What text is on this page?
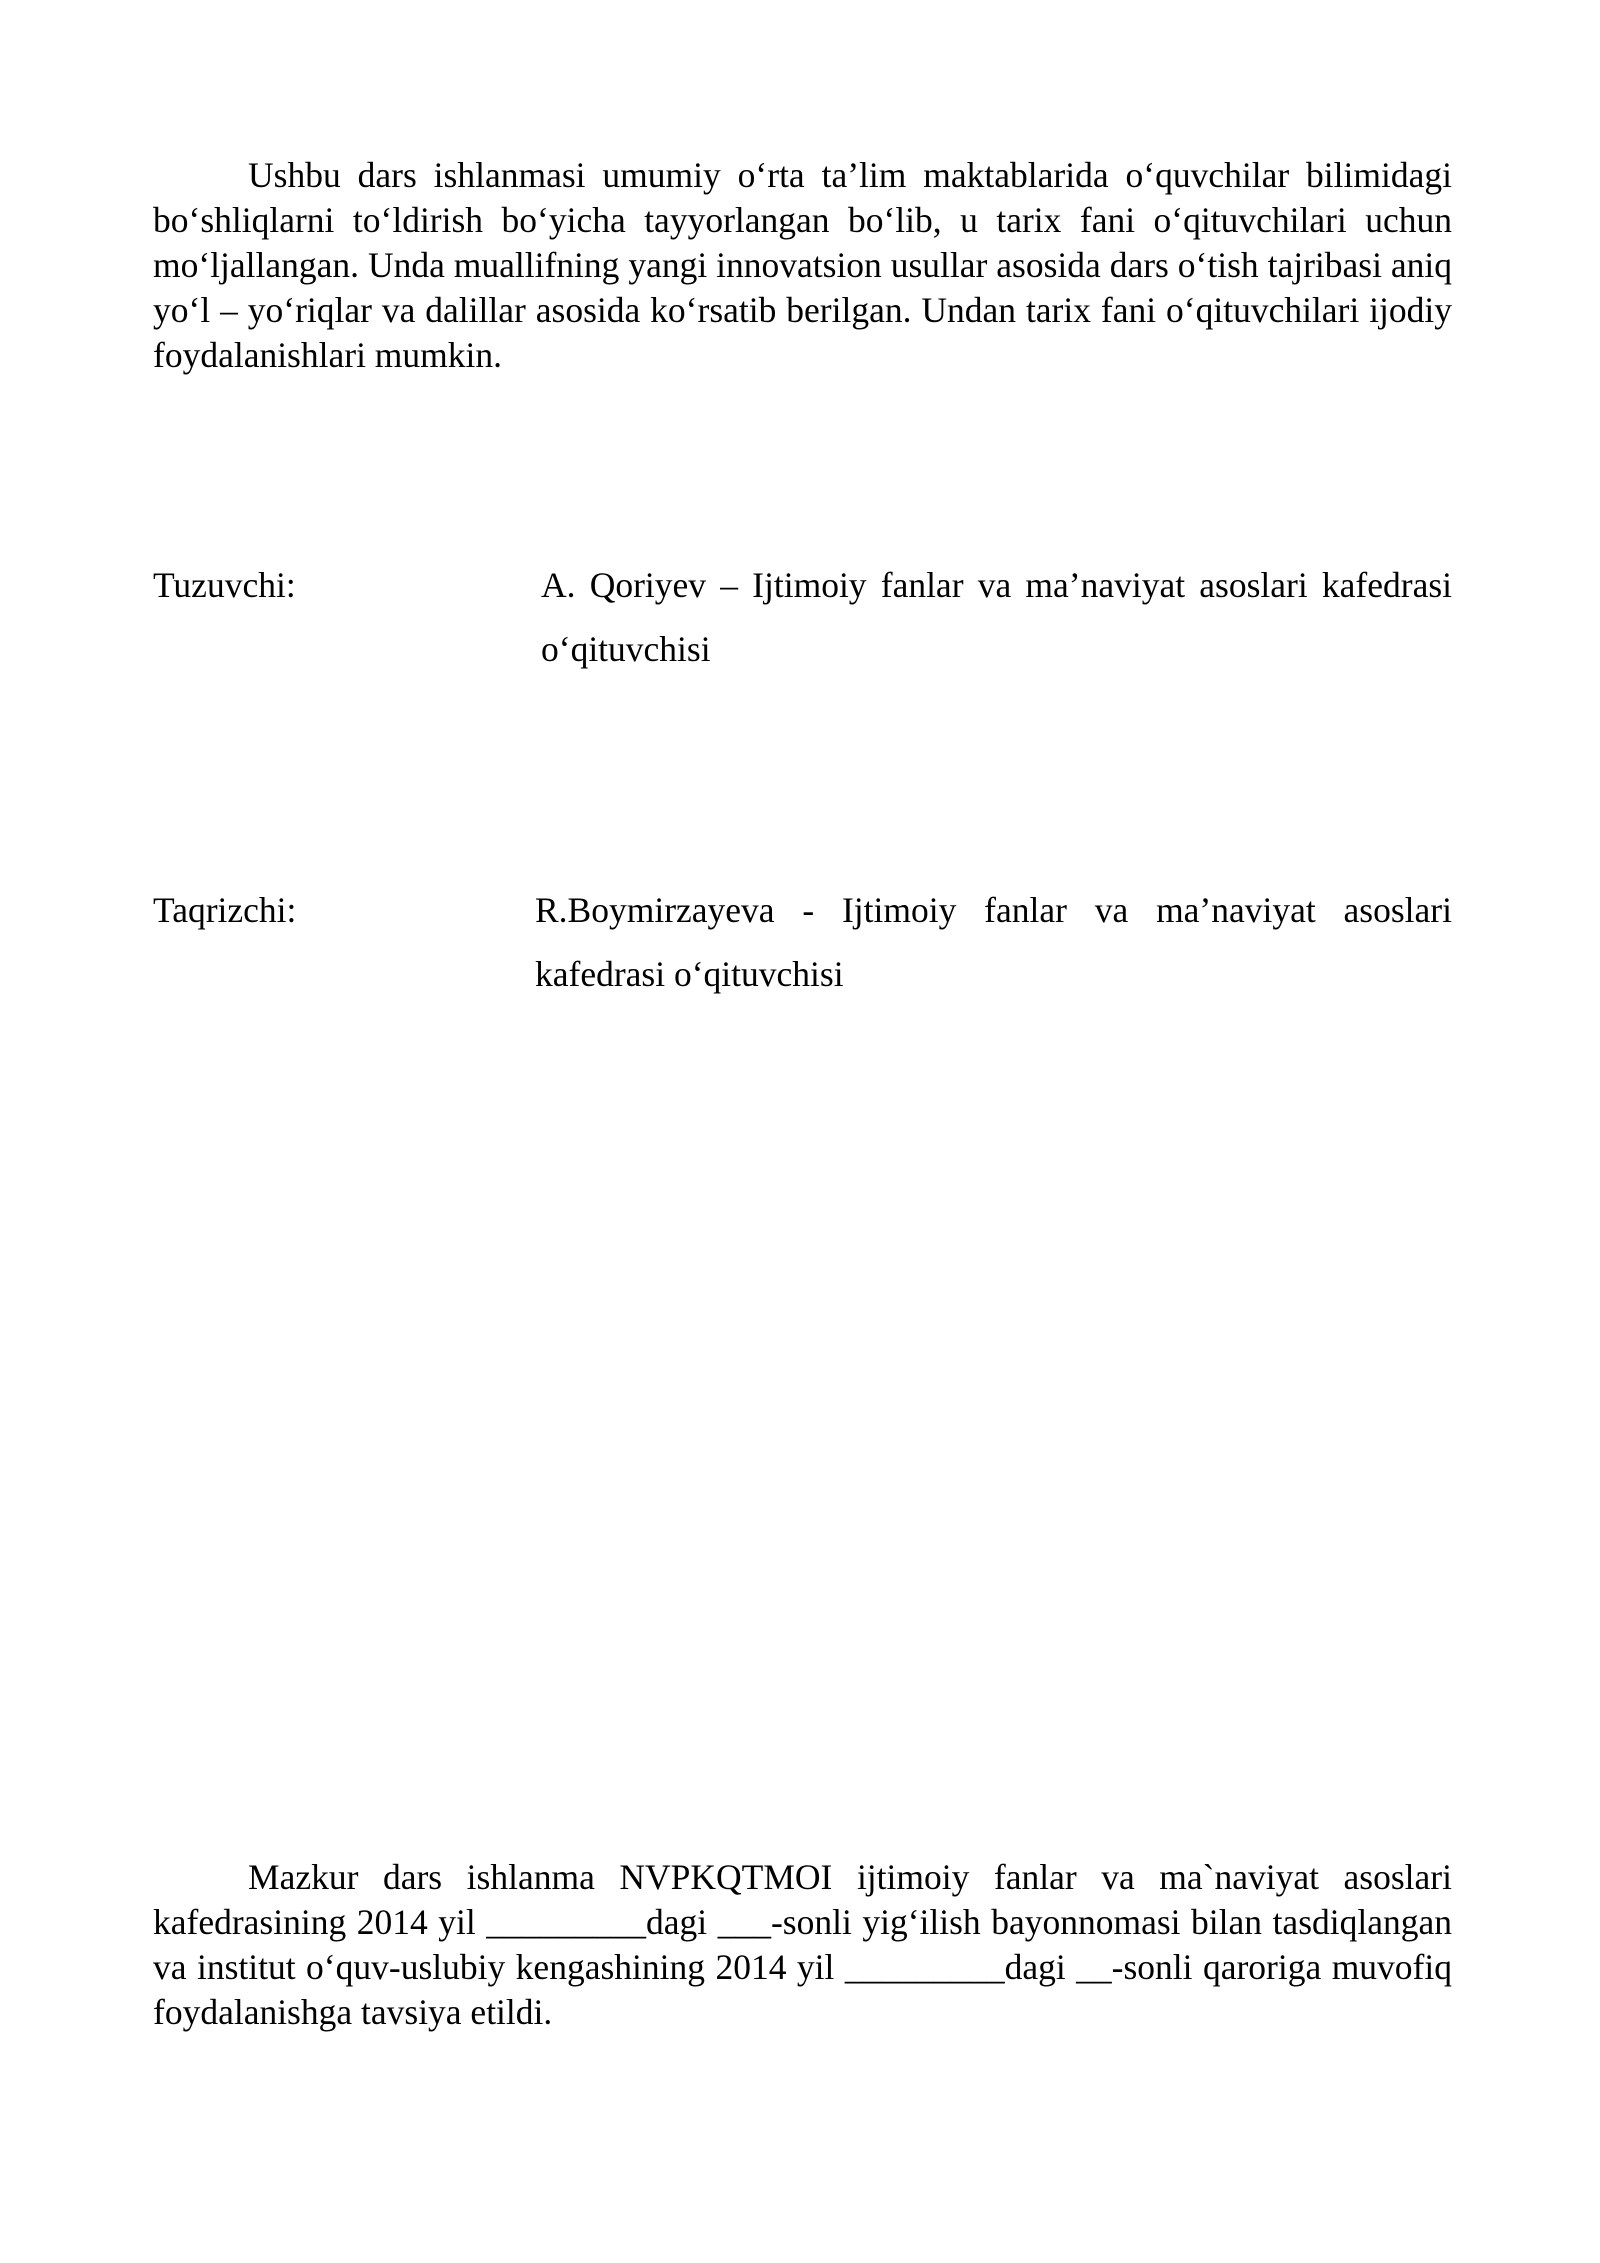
Ushbu dars ishlanmasi umumiy o‘rta ta’lim maktablarida o‘quvchilar bilimidagi bo‘shliqlarni to‘ldirish bo‘yicha tayyorlangan bo‘lib, u tarix fani o‘qituvchilari uchun mo‘ljallangan. Unda muallifning yangi innovatsion usullar asosida dars o‘tish tajribasi aniq yo‘l – yo‘riqlar va dalillar asosida ko‘rsatib berilgan. Undan tarix fani o‘qituvchilari ijodiy foydalanishlari mumkin.

Tuzuvchi:	A. Qoriyev – Ijtimoiy fanlar va ma’naviyat asoslari kafedrasi o‘qituvchisi
Taqrizchi:	R.Boymirzayeva - Ijtimoiy fanlar va ma’naviyat asoslari kafedrasi o‘qituvchisi

Mazkur dars ishlanma NVPKQTMOI ijtimoiy fanlar va ma`naviyat asoslari kafedrasining 2014 yil _________dagi ___-sonli yig‘ilish bayonnomasi bilan tasdiqlangan va institut o‘quv-uslubiy kengashining 2014 yil _________dagi __-sonli qaroriga muvofiq foydalanishga tavsiya etildi.
